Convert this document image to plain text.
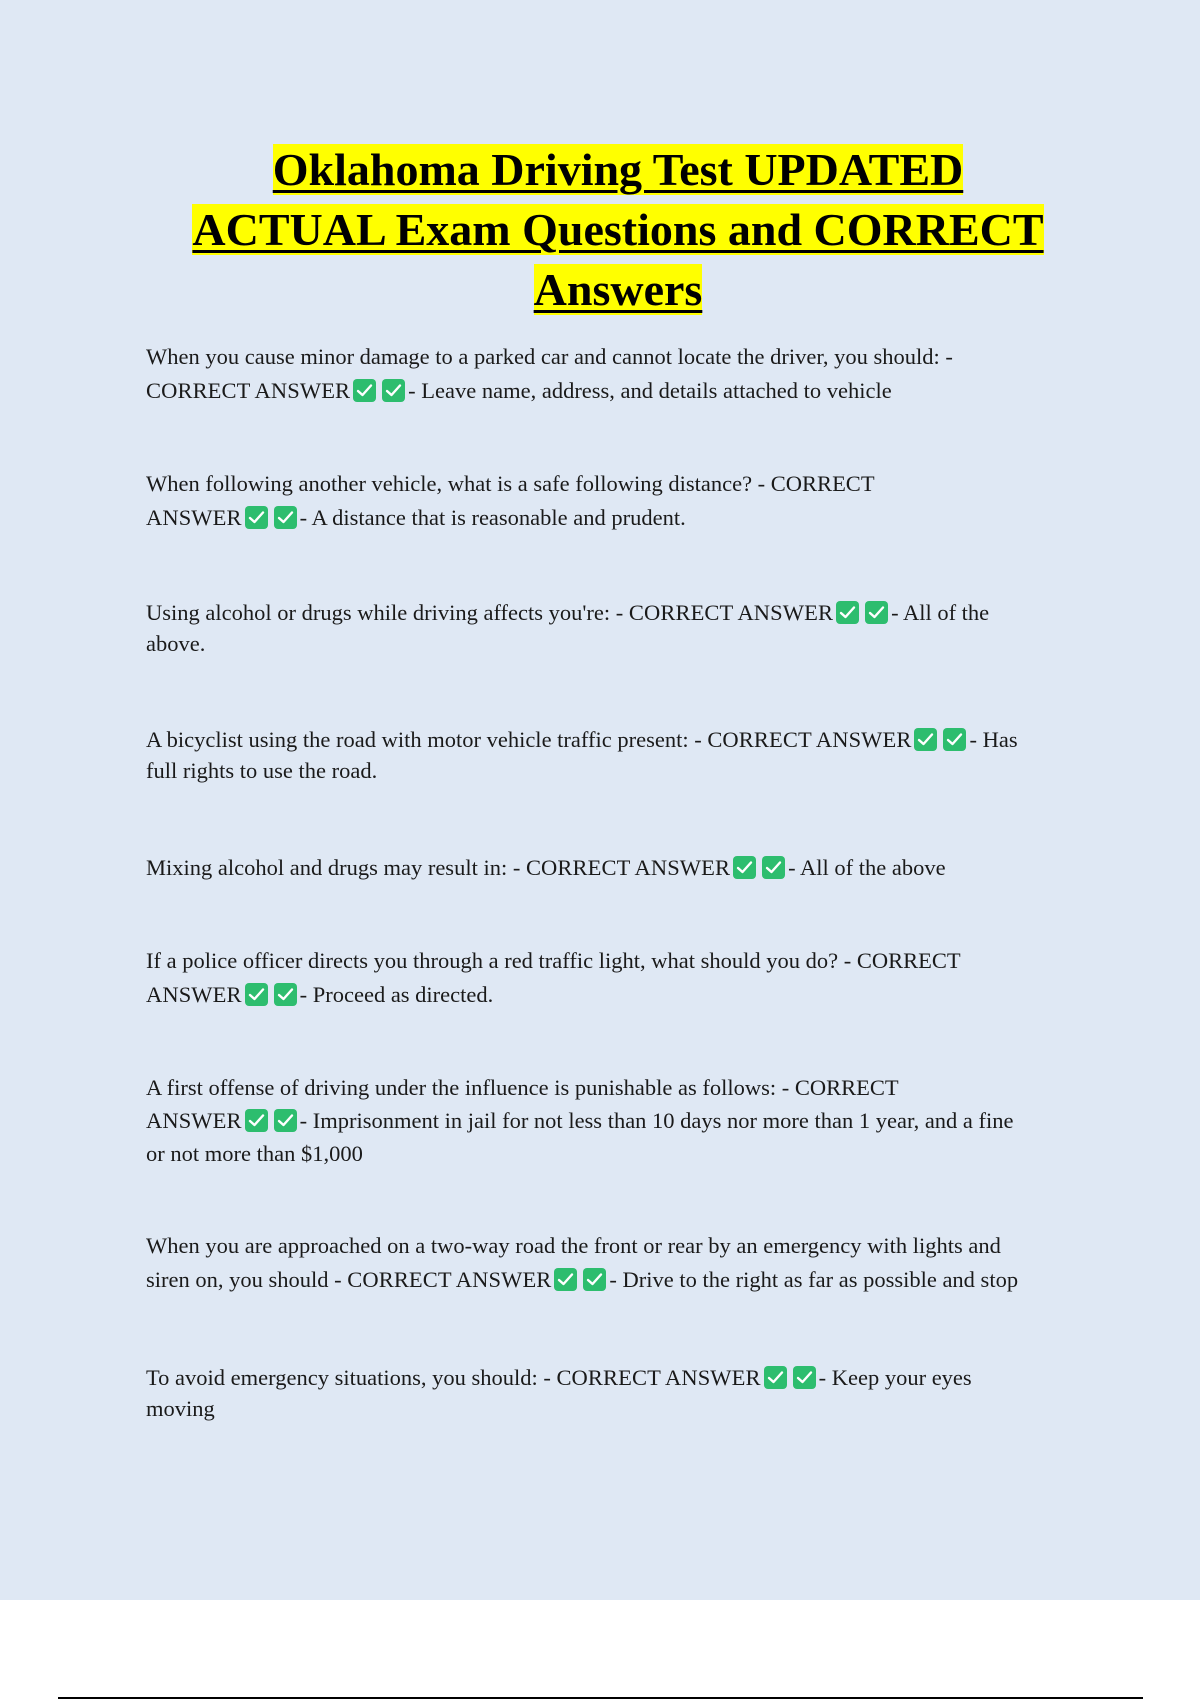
Oklahoma Driving Test UPDATED
ACTUAL Exam Questions and CORRECT
Answers
When you cause minor damage to a parked car and cannot locate the driver, you should: -
CORRECT ANSWER	- Leave name, address, and details attached to vehicle
When following another vehicle, what is a safe following distance? - CORRECT
ANSWER	- A distance that is reasonable and prudent.
Using alcohol or drugs while driving affects you're: - CORRECT ANSWER	- All of the
above.
A bicyclist using the road with motor vehicle traffic present: - CORRECT ANSWER	- Has
full rights to use the road.
Mixing alcohol and drugs may result in: - CORRECT ANSWER	- All of the above
If a police officer directs you through a red traffic light, what should you do? - CORRECT
ANSWER	- Proceed as directed.
A first offense of driving under the influence is punishable as follows: - CORRECT
ANSWER	- Imprisonment in jail for not less than 10 days nor more than 1 year, and a fine
or not more than $1,000
When you are approached on a two-way road the front or rear by an emergency with lights and
siren on, you should - CORRECT ANSWER	- Drive to the right as far as possible and stop
To avoid emergency situations, you should: - CORRECT ANSWER	- Keep your eyes
moving
